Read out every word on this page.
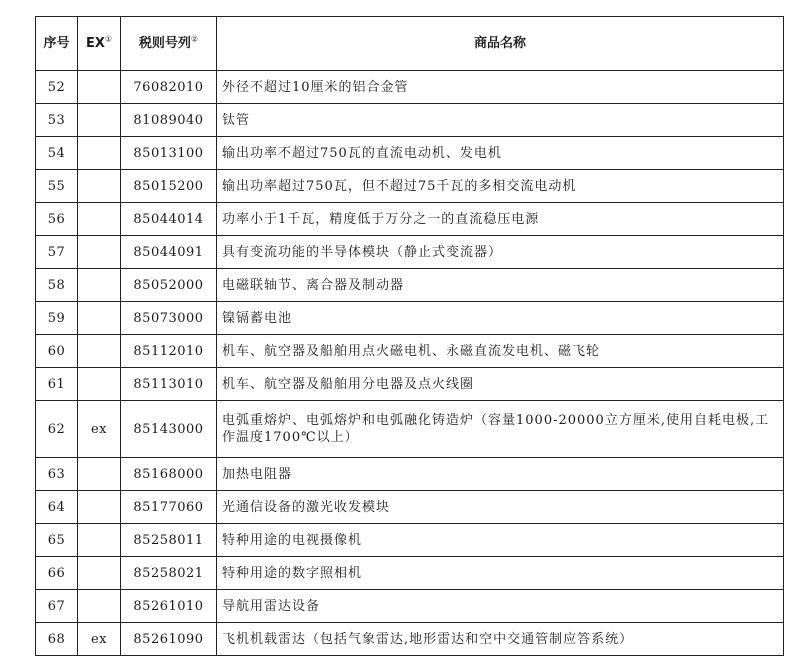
序号	EX①	税则号列②	商品名称
52		76082010	外径不超过10厘米的铝合金管
53		81089040	钛管
54		85013100	输出功率不超过750瓦的直流电动机、发电机
55		85015200	输出功率超过750瓦，但不超过75千瓦的多相交流电动机
56		85044014	功率小于1千瓦，精度低于万分之一的直流稳压电源
57		85044091	具有变流功能的半导体模块（静止式变流器）
58		85052000	电磁联轴节、离合器及制动器
59		85073000	镍镉蓄电池
60		85112010	机车、航空器及船舶用点火磁电机、永磁直流发电机、磁飞轮
61		85113010	机车、航空器及船舶用分电器及点火线圈
62	ex	85143000	电弧重熔炉、电弧熔炉和电弧融化铸造炉（容量1000-20000立方厘米,使用自耗电极,工作温度1700℃以上）
63		85168000	加热电阻器
64		85177060	光通信设备的激光收发模块
65		85258011	特种用途的电视摄像机
66		85258021	特种用途的数字照相机
67		85261010	导航用雷达设备
68	ex	85261090	飞机机载雷达（包括气象雷达,地形雷达和空中交通管制应答系统）
